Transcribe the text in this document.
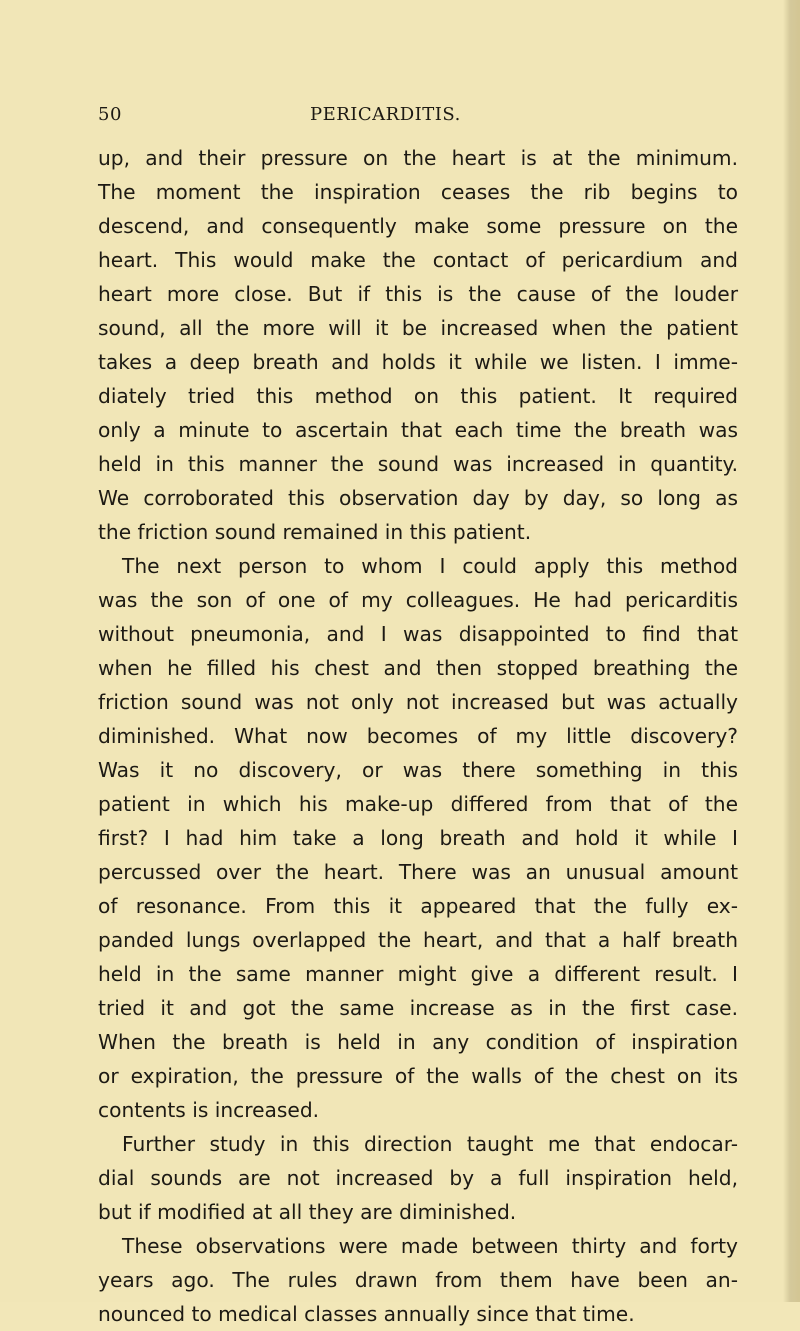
50	PERICARDITIS.
up, and their pressure on the heart is at the minimum.
The moment the inspiration ceases the rib begins to
descend, and consequently make some pressure on the
heart. This would make the contact of pericardium and
heart more close. But if this is the cause of the louder
sound, all the more will it be increased when the patient
takes a deep breath and holds it while we listen. I imme-
diately tried this method on this patient. It required
only a minute to ascertain that each time the breath was
held in this manner the sound was increased in quantity.
We corroborated this observation day by day, so long as
the friction sound remained in this patient.
The next person to whom I could apply this method
was the son of one of my colleagues. He had pericarditis
without pneumonia, and I was disappointed to find that
when he filled his chest and then stopped breathing the
friction sound was not only not increased but was actually
diminished. What now becomes of my little discovery?
Was it no discovery, or was there something in this
patient in which his make-up differed from that of the
first? I had him take a long breath and hold it while I
percussed over the heart. There was an unusual amount
of resonance. From this it appeared that the fully ex-
panded lungs overlapped the heart, and that a half breath
held in the same manner might give a different result. I
tried it and got the same increase as in the first case.
When the breath is held in any condition of inspiration
or expiration, the pressure of the walls of the chest on its
contents is increased.
Further study in this direction taught me that endocar-
dial sounds are not increased by a full inspiration held,
but if modified at all they are diminished.
These observations were made between thirty and forty
years ago. The rules drawn from them have been an-
nounced to medical classes annually since that time.
